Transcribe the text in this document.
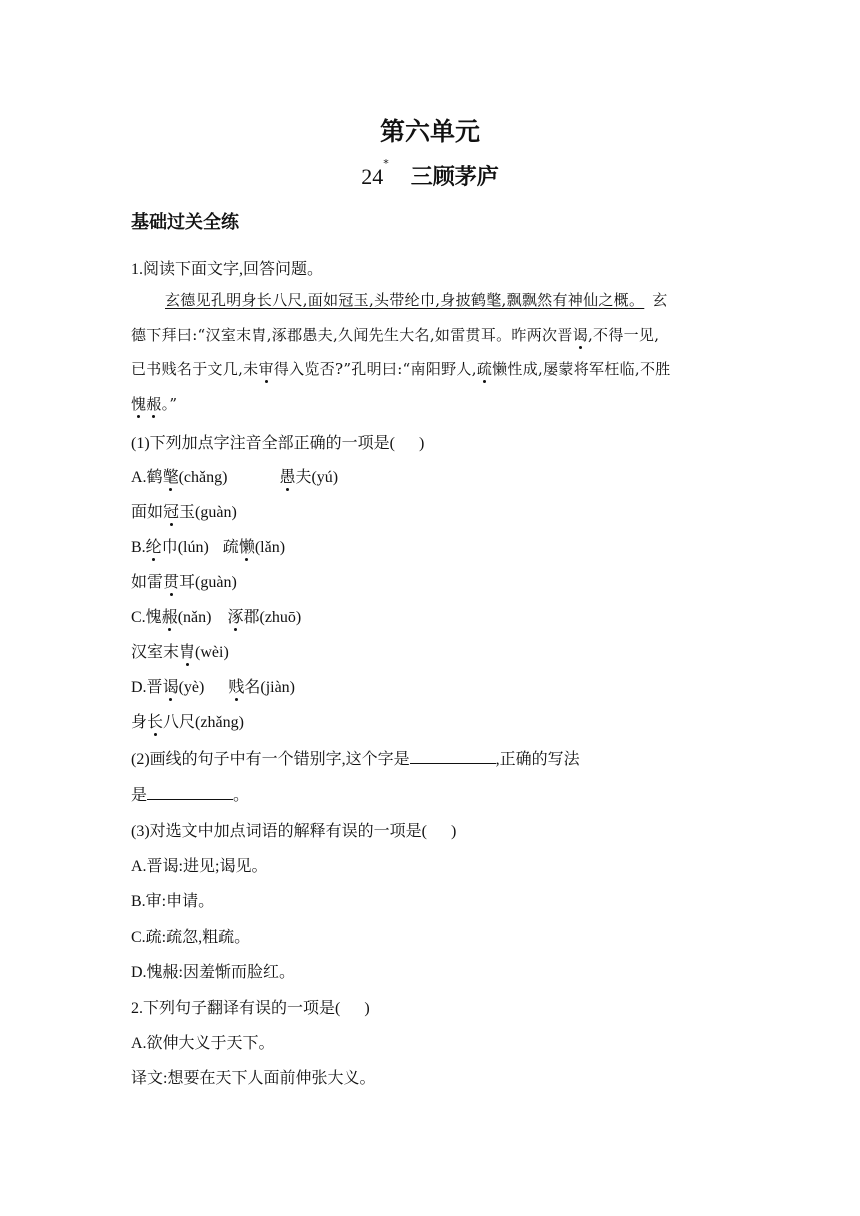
第六单元
24*三顾茅庐
基础过关全练
1.阅读下面文字,回答问题。
玄德见孔明身长八尺,面如冠玉,头带纶巾,身披鹤氅,飘飘然有神仙之概。 玄
德下拜曰:“汉室末胄,涿郡愚夫,久闻先生大名,如雷贯耳。昨两次晋谒,不得一见,
已书贱名于文几,未审得入览否?”孔明曰:“南阳野人,疏懒性成,屡蒙将军枉临,不胜
愧赧。”
(1)下列加点字注音全部正确的一项是( )
A.鹤氅(chǎng)	愚夫(yú)
面如冠玉(guàn)
B.纶巾(lún) 疏懒(lǎn)
如雷贯耳(guàn)
C.愧赧(nǎn) 涿郡(zhuō)
汉室末胄(wèi)
D.晋谒(yè) 贱名(jiàn)
身长八尺(zhǎng)
(2)画线的句子中有一个错别字,这个字是	,正确的写法
是	。
(3)对选文中加点词语的解释有误的一项是( )
A.晋谒:进见;谒见。
B.审:申请。
C.疏:疏忽,粗疏。
D.愧赧:因羞惭而脸红。
2.下列句子翻译有误的一项是( )
A.欲伸大义于天下。
译文:想要在天下人面前伸张大义。
